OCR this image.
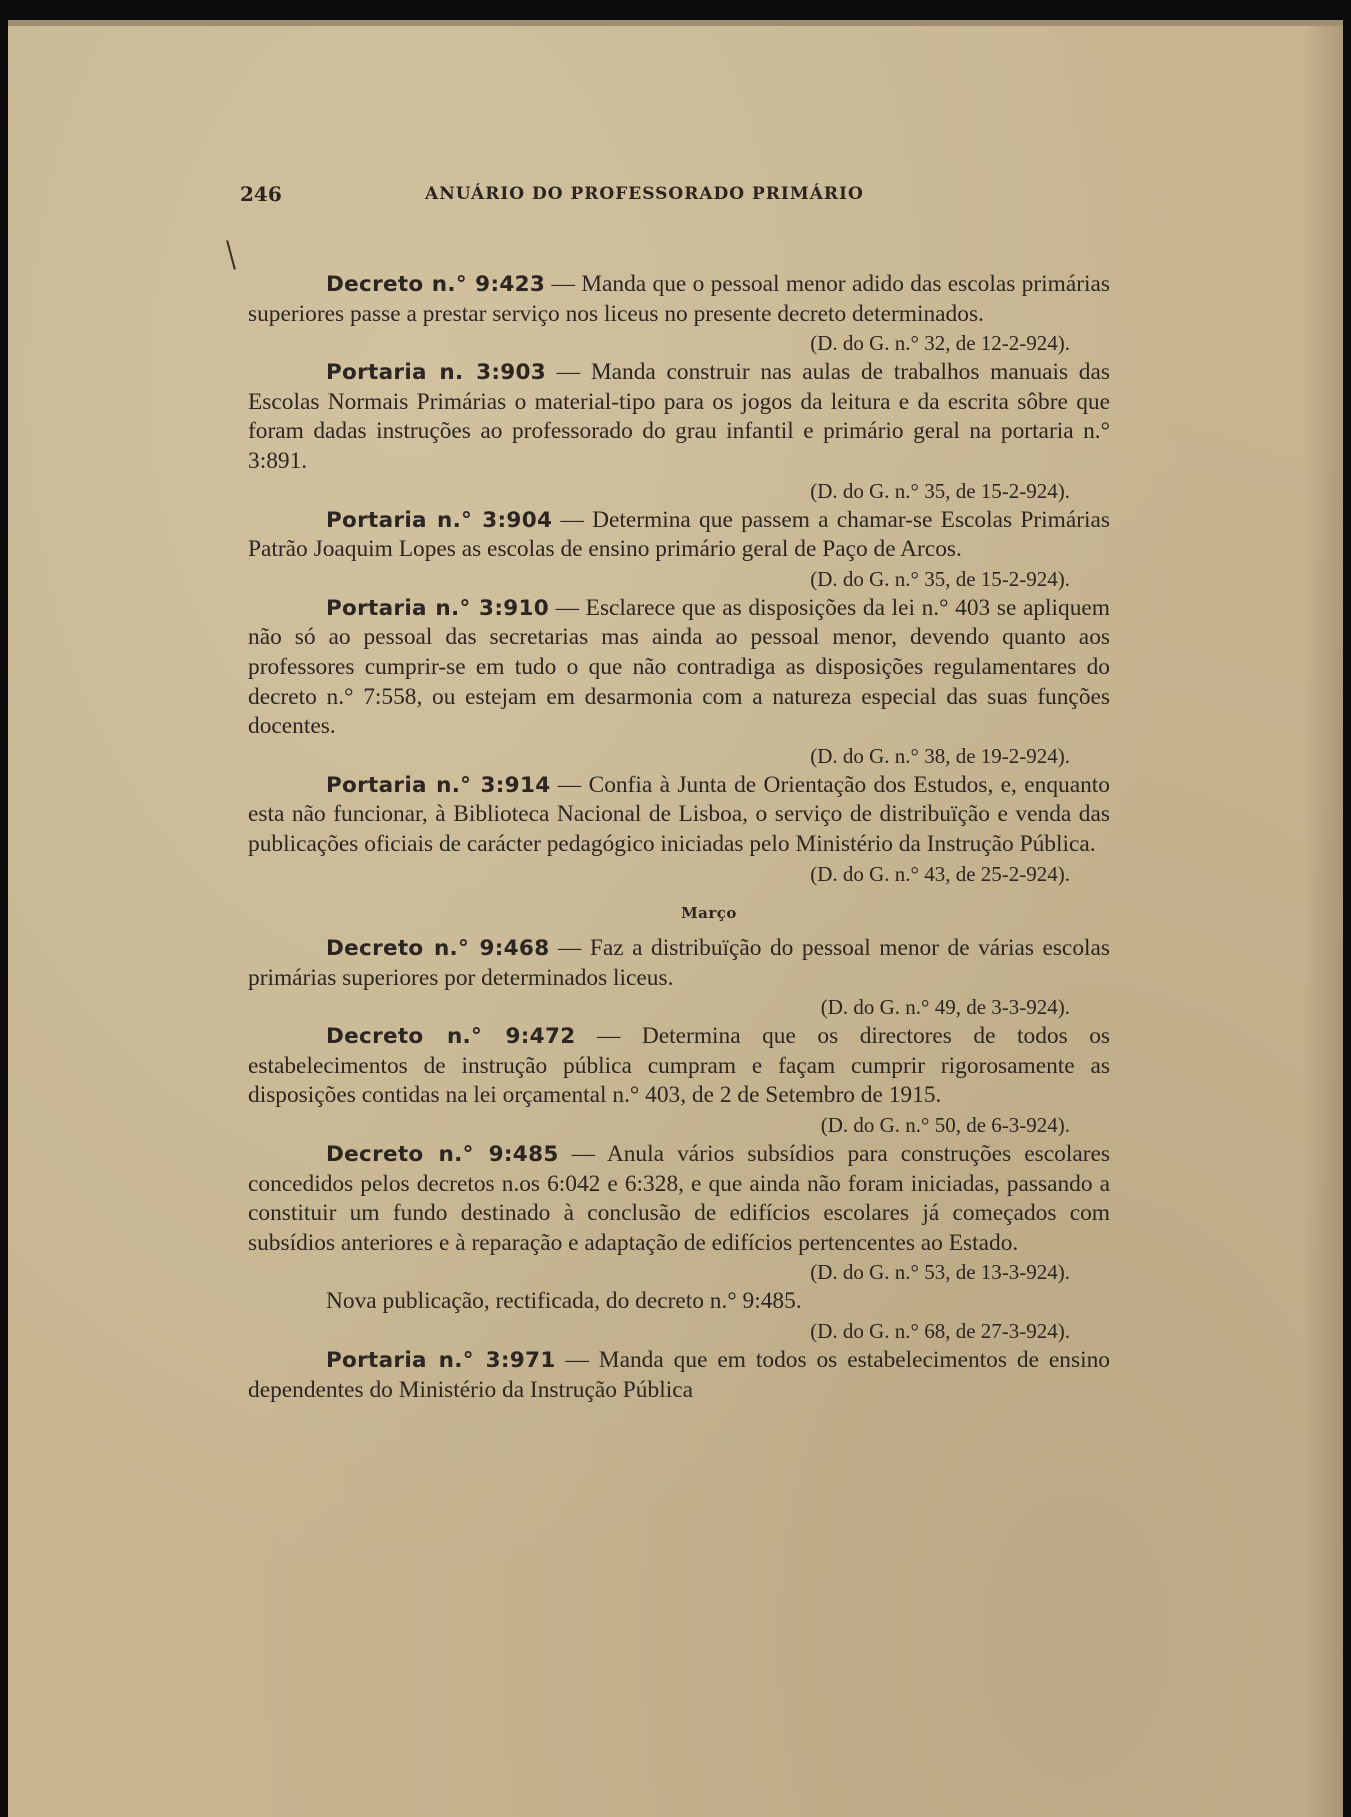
246	ANUÁRIO DO PROFESSORADO PRIMÁRIO

Decreto n.° 9:423 — Manda que o pessoal menor adido das escolas primárias superiores passe a prestar serviço nos liceus no presente decreto determinados.

(D. do G. n.° 32, de 12-2-924).

Portaria n. 3:903 — Manda construir nas aulas de trabalhos manuais das Escolas Normais Primárias o material-tipo para os jogos da leitura e da escrita sôbre que foram dadas instruções ao professorado do grau infantil e primário geral na portaria n.° 3:891.

(D. do G. n.° 35, de 15-2-924).

Portaria n.° 3:904 — Determina que passem a chamar-se Escolas Primárias Patrão Joaquim Lopes as escolas de ensino primário geral de Paço de Arcos.

(D. do G. n.° 35, de 15-2-924).

Portaria n.° 3:910 — Esclarece que as disposições da lei n.° 403 se apliquem não só ao pessoal das secretarias mas ainda ao pessoal menor, devendo quanto aos professores cumprir-se em tudo o que não contradiga as disposições regulamentares do decreto n.° 7:558, ou estejam em desarmonia com a natureza especial das suas funções docentes.

(D. do G. n.° 38, de 19-2-924).

Portaria n.° 3:914 — Confia à Junta de Orientação dos Estudos, e, enquanto esta não funcionar, à Biblioteca Nacional de Lisboa, o serviço de distribuïção e venda das publicações oficiais de carácter pedagógico iniciadas pelo Ministério da Instrução Pública.

(D. do G. n.° 43, de 25-2-924).
Março

Decreto n.° 9:468 — Faz a distribuïção do pessoal menor de várias escolas primárias superiores por determinados liceus.

(D. do G. n.° 49, de 3-3-924).

Decreto n.° 9:472 — Determina que os directores de todos os estabelecimentos de instrução pública cumpram e façam cumprir rigorosamente as disposições contidas na lei orçamental n.° 403, de 2 de Setembro de 1915.

(D. do G. n.° 50, de 6-3-924).

Decreto n.° 9:485 — Anula vários subsídios para construções escolares concedidos pelos decretos n.os 6:042 e 6:328, e que ainda não foram iniciadas, passando a constituir um fundo destinado à conclusão de edifícios escolares já começados com subsídios anteriores e à reparação e adaptação de edifícios pertencentes ao Estado.

(D. do G. n.° 53, de 13-3-924).

Nova publicação, rectificada, do decreto n.° 9:485.

(D. do G. n.° 68, de 27-3-924).

Portaria n.° 3:971 — Manda que em todos os estabelecimentos de ensino dependentes do Ministério da Instrução Pública
